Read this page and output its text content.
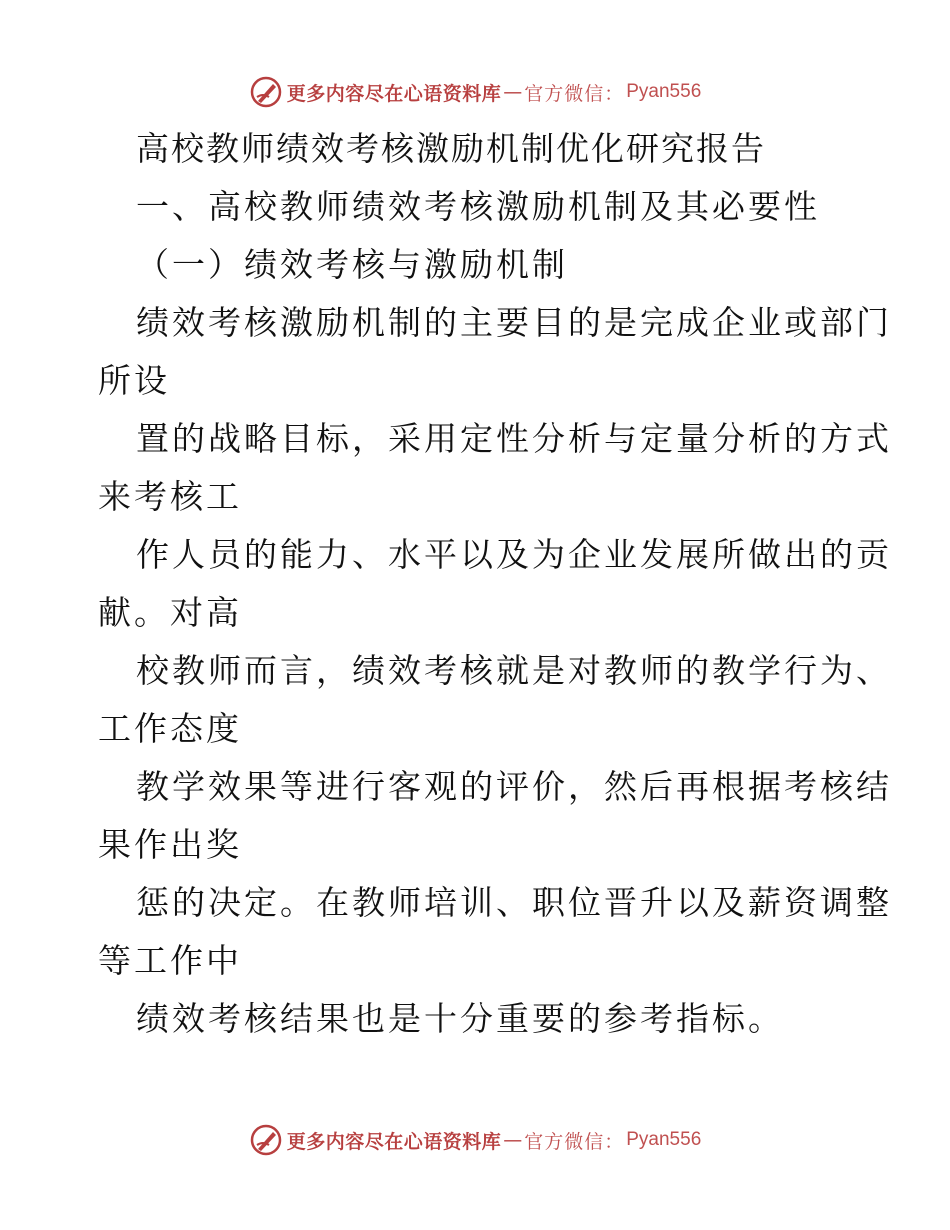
更多内容尽在心语资料库 — 官方微信： Pyan556
高校教师绩效考核激励机制优化研究报告
一、高校教师绩效考核激励机制及其必要性
（一）绩效考核与激励机制
绩效考核激励机制的主要目的是完成企业或部门
所设
置的战略目标，采用定性分析与定量分析的方式
来考核工
作人员的能力、水平以及为企业发展所做出的贡
献。对高
校教师而言，绩效考核就是对教师的教学行为、
工作态度
教学效果等进行客观的评价，然后再根据考核结
果作出奖
惩的决定。在教师培训、职位晋升以及薪资调整
等工作中
绩效考核结果也是十分重要的参考指标。
更多内容尽在心语资料库 — 官方微信： Pyan556
